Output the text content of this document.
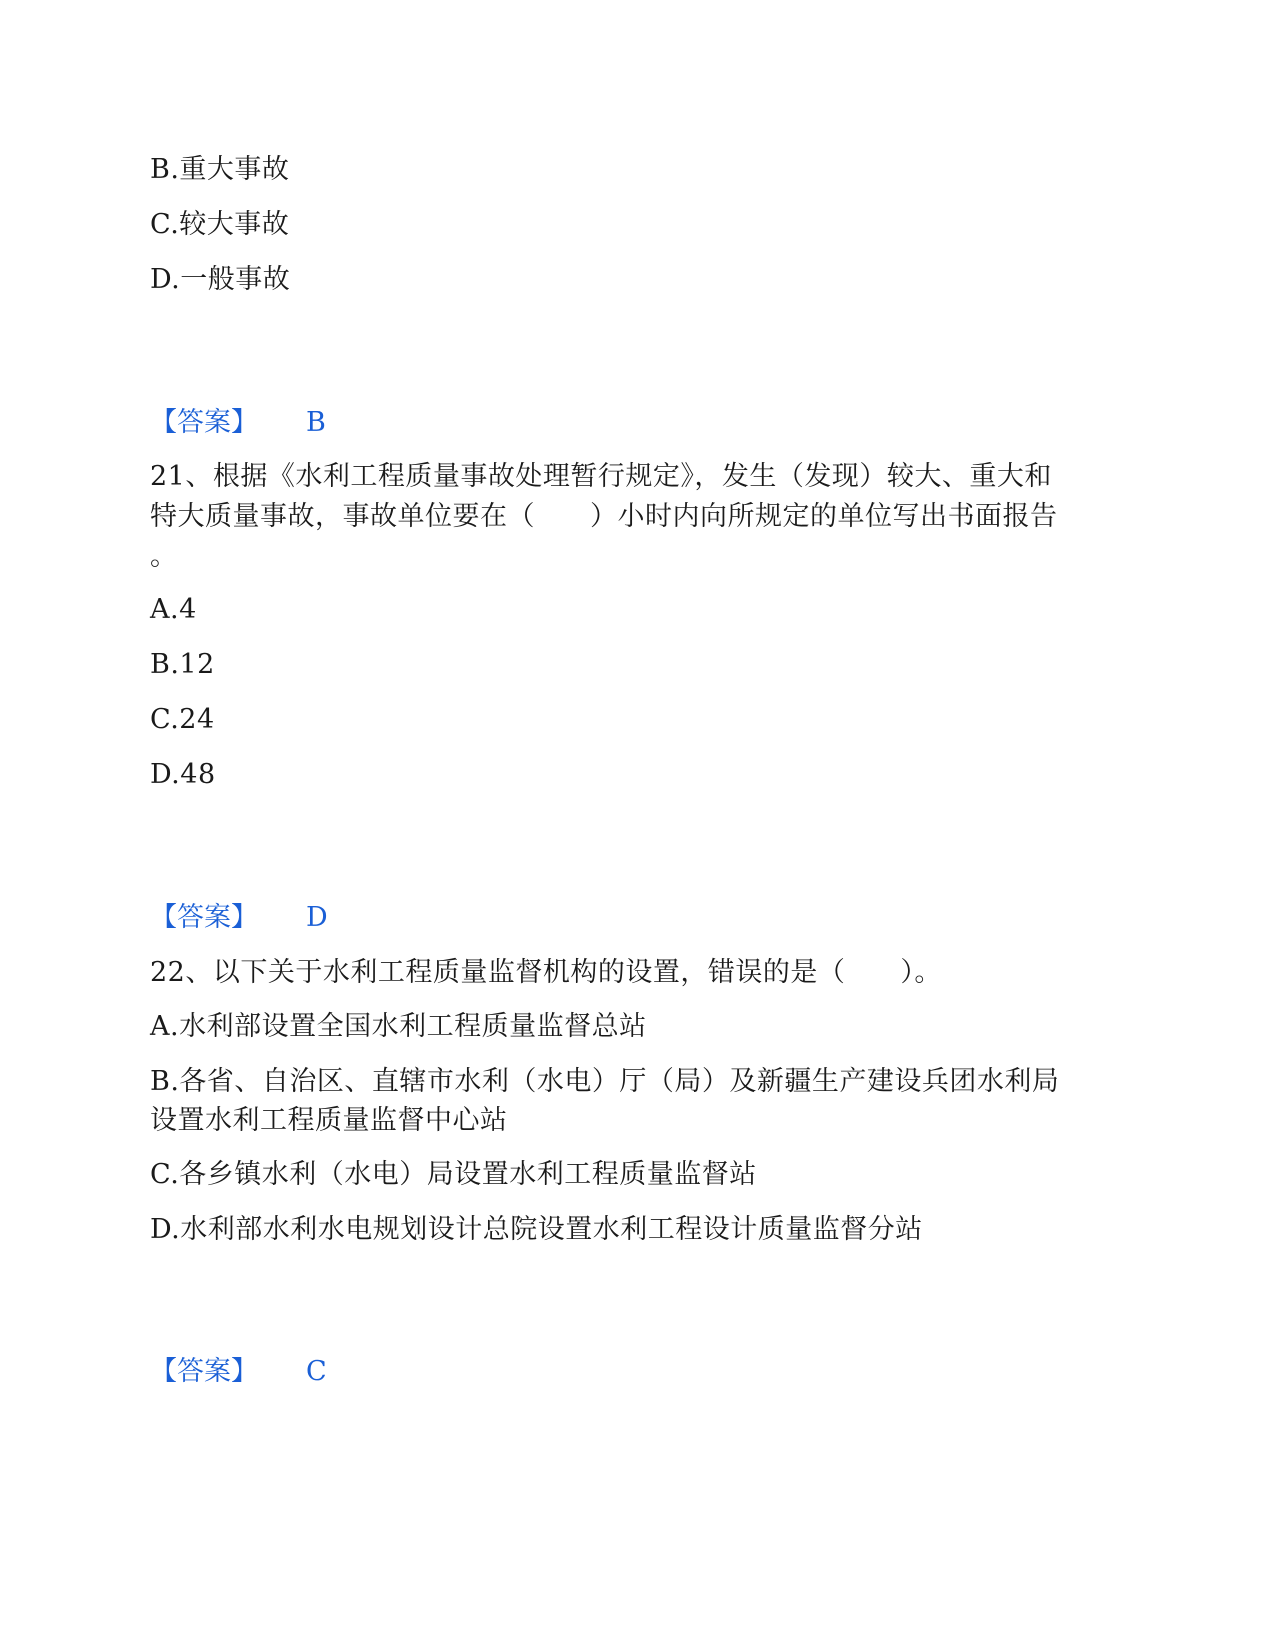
B.重大事故
C.较大事故
D.一般事故
【答案】 B
21、根据《水利工程质量事故处理暂行规定》，发生（发现）较大、重大和
特大质量事故，事故单位要在（　　）小时内向所规定的单位写出书面报告
。
A.4
B.12
C.24
D.48
【答案】 D
22、以下关于水利工程质量监督机构的设置，错误的是（　　）。
A.水利部设置全国水利工程质量监督总站
B.各省、自治区、直辖市水利（水电）厅（局）及新疆生产建设兵团水利局
设置水利工程质量监督中心站
C.各乡镇水利（水电）局设置水利工程质量监督站
D.水利部水利水电规划设计总院设置水利工程设计质量监督分站
【答案】 C
